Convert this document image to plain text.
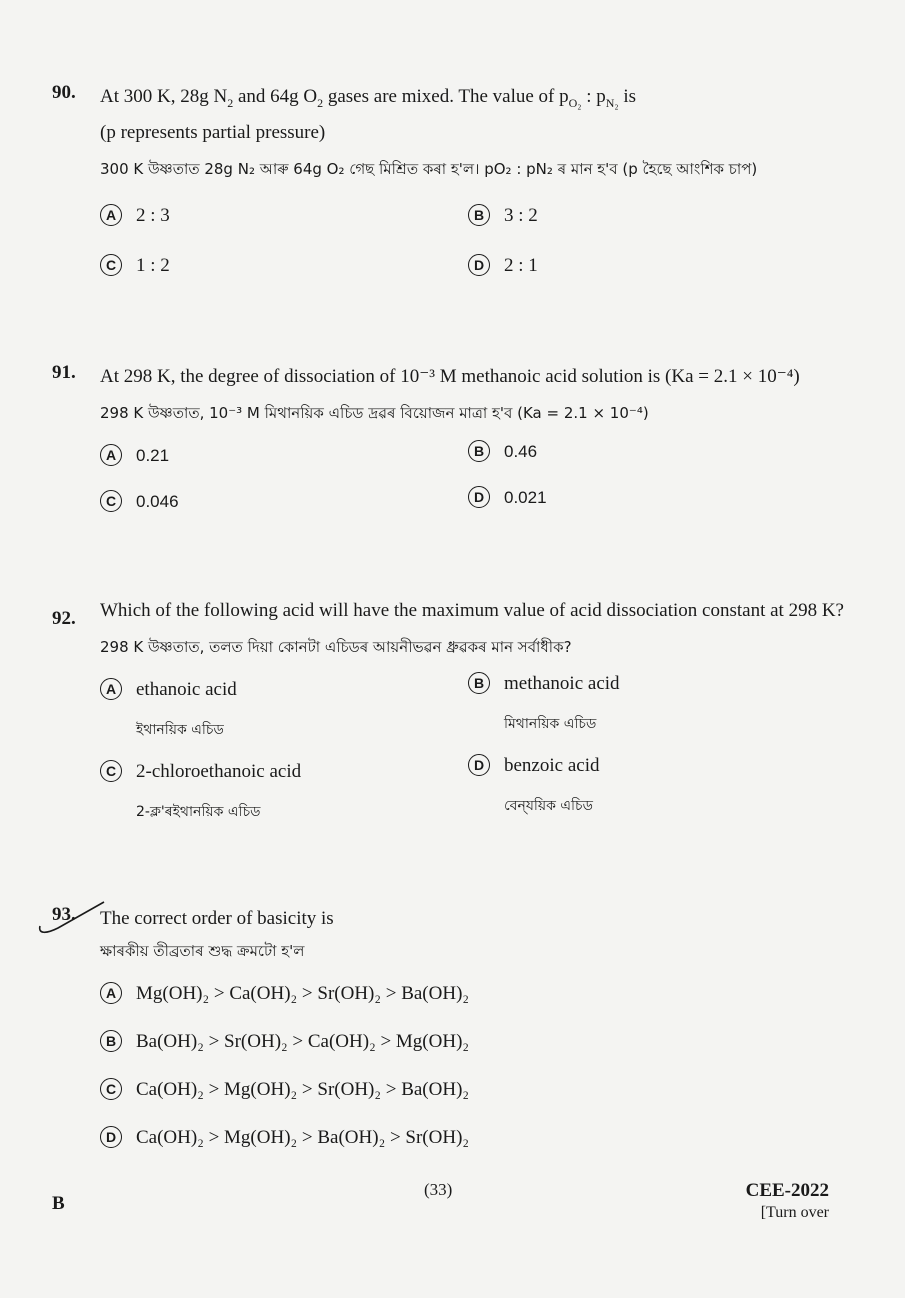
90. At 300 K, 28g $N_2$ and 64g $O_2$ gases are mixed. The value of $p_{O_2}$ : $p_{N_2}$ is
(p represents partial pressure)

300 K উষ্ণতাত 28g N₂ আৰু 64g O₂ গেছ মিশ্ৰিত কৰা হ'ল। pO₂ : pN₂ ৰ মান হ'ব (p হৈছে আংশিক চাপ)

A	2 : 3	B	3 : 2
C	1 : 2	D	2 : 1
91. At 298 K, the degree of dissociation of 10⁻³ M methanoic acid solution is (Ka = 2.1 × 10⁻⁴)

298 K উষ্ণতাত, 10⁻³ M মিথানয়িক এচিড দ্ৰৱৰ বিয়োজন মাত্ৰা হ'ব (Ka = 2.1 × 10⁻⁴)

A	0.21	B	0.46
C	0.046	D	0.021
92. Which of the following acid will have the maximum value of acid dissociation constant at 298 K?

298 K উষ্ণতাত, তলত দিয়া কোনটা এচিডৰ আয়নীভৱন ধ্ৰুৱকৰ মান সৰ্বাধীক?

A	ethanoic acid
ইথানয়িক এচিড
B	methanoic acid
মিথানয়িক এচিড
C	2-chloroethanoic acid
2-ক্ল'ৰইথানয়িক এচিড
D	benzoic acid
বেন্‌যয়িক এচিড
93. The correct order of basicity is

ক্ষাৰকীয় তীব্ৰতাৰ শুদ্ধ ক্ৰমটো হ'ল

A	Mg(OH)₂ > Ca(OH)₂ > Sr(OH)₂ > Ba(OH)₂
B	Ba(OH)₂ > Sr(OH)₂ > Ca(OH)₂ > Mg(OH)₂
C	Ca(OH)₂ > Mg(OH)₂ > Sr(OH)₂ > Ba(OH)₂
D	Ca(OH)₂ > Mg(OH)₂ > Ba(OH)₂ > Sr(OH)₂
B
(33)	CEE-2022
[Turn over
